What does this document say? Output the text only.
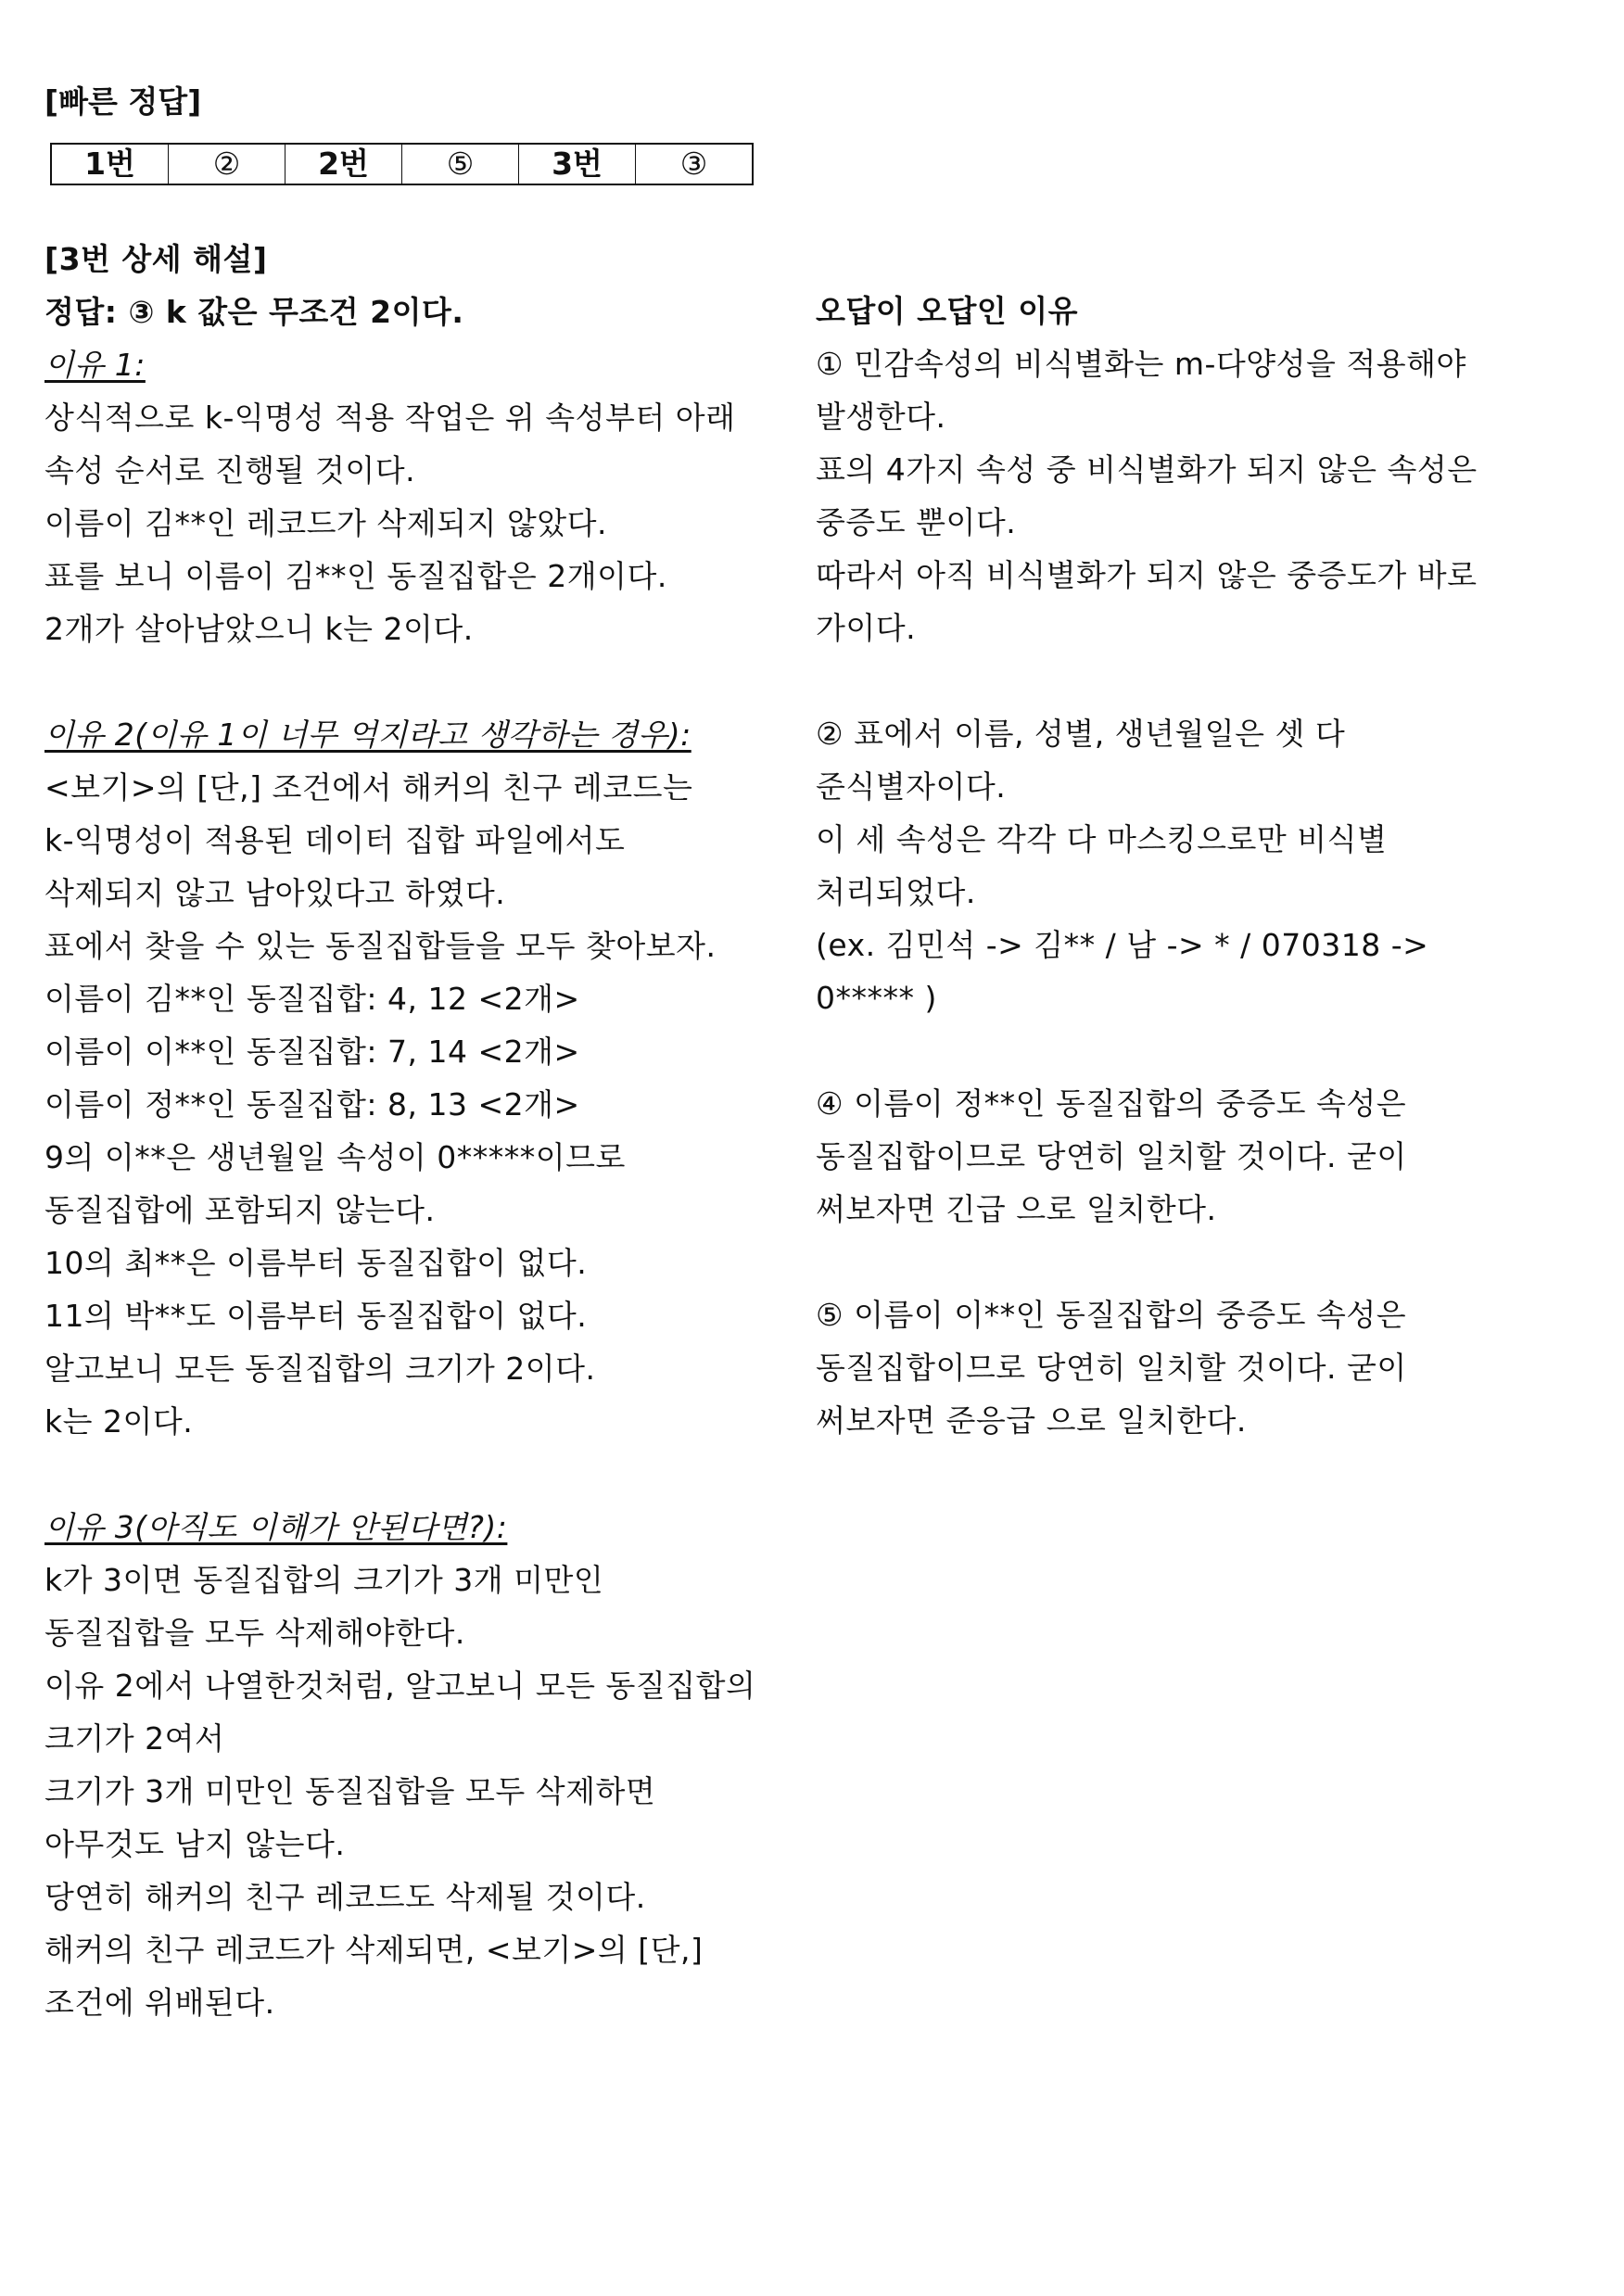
[빠른 정답]
1번	②	2번	⑤	3번	③
[3번 상세 해설]
정답: ③ k 값은 무조건 2이다.
이유 1:
상식적으로 k-익명성 적용 작업은 위 속성부터 아래
속성 순서로 진행될 것이다.
이름이 김**인 레코드가 삭제되지 않았다.
표를 보니 이름이 김**인 동질집합은 2개이다.
2개가 살아남았으니 k는 2이다.
이유 2(이유 1이 너무 억지라고 생각하는 경우):
<보기>의 [단,] 조건에서 해커의 친구 레코드는
k-익명성이 적용된 데이터 집합 파일에서도
삭제되지 않고 남아있다고 하였다.
표에서 찾을 수 있는 동질집합들을 모두 찾아보자.
이름이 김**인 동질집합: 4, 12 <2개>
이름이 이**인 동질집합: 7, 14 <2개>
이름이 정**인 동질집합: 8, 13 <2개>
9의 이**은 생년월일 속성이 0*****이므로
동질집합에 포함되지 않는다.
10의 최**은 이름부터 동질집합이 없다.
11의 박**도 이름부터 동질집합이 없다.
알고보니 모든 동질집합의 크기가 2이다.
k는 2이다.
이유 3(아직도 이해가 안된다면?):
k가 3이면 동질집합의 크기가 3개 미만인
동질집합을 모두 삭제해야한다.
이유 2에서 나열한것처럼, 알고보니 모든 동질집합의
크기가 2여서
크기가 3개 미만인 동질집합을 모두 삭제하면
아무것도 남지 않는다.
당연히 해커의 친구 레코드도 삭제될 것이다.
해커의 친구 레코드가 삭제되면, <보기>의 [단,]
조건에 위배된다.
오답이 오답인 이유
① 민감속성의 비식별화는 m-다양성을 적용해야
발생한다.
표의 4가지 속성 중 비식별화가 되지 않은 속성은
중증도 뿐이다.
따라서 아직 비식별화가 되지 않은 중증도가 바로
가이다.
② 표에서 이름, 성별, 생년월일은 셋 다
준식별자이다.
이 세 속성은 각각 다 마스킹으로만 비식별
처리되었다.
(ex. 김민석 -> 김** / 남 -> * / 070318 ->
0***** )
④ 이름이 정**인 동질집합의 중증도 속성은
동질집합이므로 당연히 일치할 것이다. 굳이
써보자면 긴급 으로 일치한다.
⑤ 이름이 이**인 동질집합의 중증도 속성은
동질집합이므로 당연히 일치할 것이다. 굳이
써보자면 준응급 으로 일치한다.
